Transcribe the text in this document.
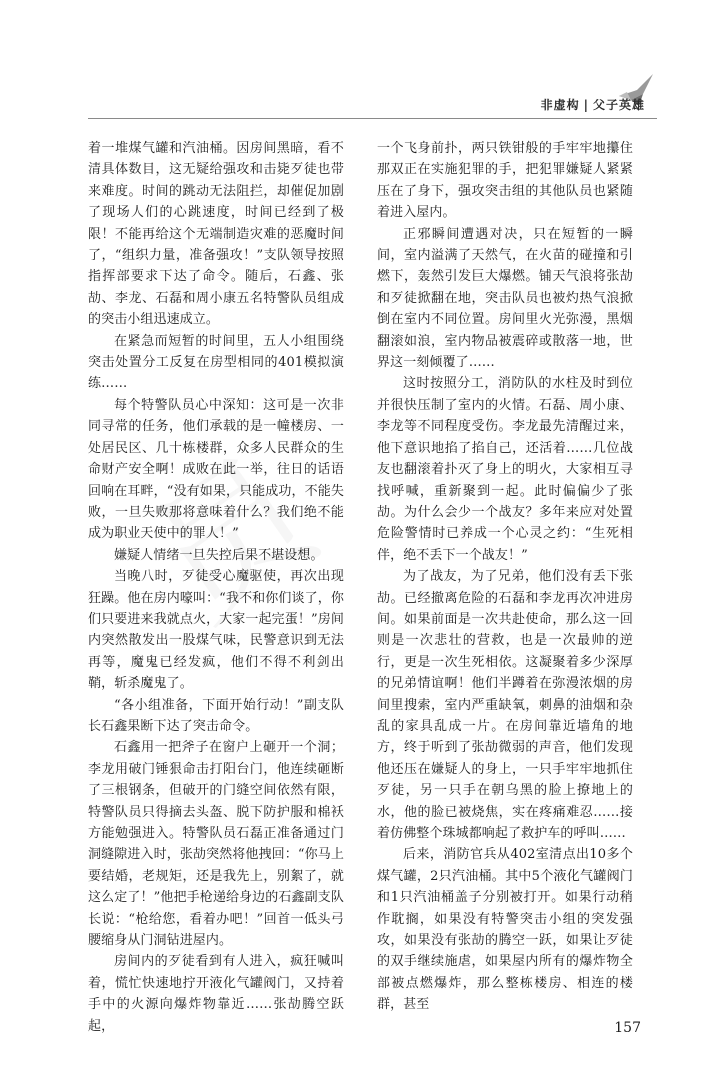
非虚构 | 父子英雄

着一堆煤气罐和汽油桶。因房间黑暗，看不清具体数目，这无疑给强攻和击毙歹徒也带来难度。时间的跳动无法阻拦，却催促加剧了现场人们的心跳速度，时间已经到了极限！不能再给这个无端制造灾难的恶魔时间了，“组织力量，准备强攻！”支队领导按照指挥部要求下达了命令。随后，石鑫、张劼、李龙、石磊和周小康五名特警队员组成的突击小组迅速成立。

在紧急而短暂的时间里，五人小组围绕突击处置分工反复在房型相同的401模拟演练……

每个特警队员心中深知：这可是一次非同寻常的任务，他们承载的是一幢楼房、一处居民区、几十栋楼群，众多人民群众的生命财产安全啊！成败在此一举，往日的话语回响在耳畔，“没有如果，只能成功，不能失败，一旦失败那将意味着什么？我们绝不能成为职业天使中的罪人！”

嫌疑人情绪一旦失控后果不堪设想。

当晚八时，歹徒受心魔驱使，再次出现狂躁。他在房内嚎叫：“我不和你们谈了，你们只要进来我就点火，大家一起完蛋！”房间内突然散发出一股煤气味，民警意识到无法再等，魔鬼已经发疯，他们不得不利剑出鞘，斩杀魔鬼了。

“各小组准备，下面开始行动！”副支队长石鑫果断下达了突击命令。

石鑫用一把斧子在窗户上砸开一个洞；李龙用破门锤狠命击打阳台门，他连续砸断了三根钢条，但破开的门缝空间依然有限，特警队员只得摘去头盔、脱下防护服和棉袄方能勉强进入。特警队员石磊正准备通过门洞缝隙进入时，张劼突然将他拽回：“你马上要结婚，老规矩，还是我先上，别絮了，就这么定了！”他把手枪递给身边的石鑫副支队长说：“枪给您，看着办吧！”回首一低头弓腰缩身从门洞钻进屋内。

房间内的歹徒看到有人进入，疯狂喊叫着，慌忙快速地拧开液化气罐阀门，又持着手中的火源向爆炸物靠近……张劼腾空跃起，

一个飞身前扑，两只铁钳般的手牢牢地攥住那双正在实施犯罪的手，把犯罪嫌疑人紧紧压在了身下，强攻突击组的其他队员也紧随着进入屋内。

正邪瞬间遭遇对决，只在短暂的一瞬间，室内溢满了天然气，在火苗的碰撞和引燃下，轰然引发巨大爆燃。铺天气浪将张劼和歹徒掀翻在地，突击队员也被灼热气浪掀倒在室内不同位置。房间里火光弥漫，黑烟翻滚如浪，室内物品被震碎或散落一地，世界这一刻倾覆了……

这时按照分工，消防队的水柱及时到位并很快压制了室内的火情。石磊、周小康、李龙等不同程度受伤。李龙最先清醒过来，他下意识地掐了掐自己，还活着……几位战友也翻滚着扑灭了身上的明火，大家相互寻找呼喊，重新聚到一起。此时偏偏少了张劼。为什么会少一个战友？多年来应对处置危险警情时已养成一个心灵之约：“生死相伴，绝不丢下一个战友！”

为了战友，为了兄弟，他们没有丢下张劼。已经撤离危险的石磊和李龙再次冲进房间。如果前面是一次共赴使命，那么这一回则是一次悲壮的营救，也是一次最帅的逆行，更是一次生死相依。这凝聚着多少深厚的兄弟情谊啊！他们半蹲着在弥漫浓烟的房间里搜索，室内严重缺氧，刺鼻的油烟和杂乱的家具乱成一片。在房间靠近墙角的地方，终于听到了张劼微弱的声音，他们发现他还压在嫌疑人的身上，一只手牢牢地抓住歹徒，另一只手在朝乌黑的脸上撩地上的水，他的脸已被烧焦，实在疼痛难忍……接着仿佛整个珠城都响起了救护车的呼叫……

后来，消防官兵从402室清点出10多个煤气罐，2只汽油桶。其中5个液化气罐阀门和1只汽油桶盖子分别被打开。如果行动稍作耽搁，如果没有特警突击小组的突发强攻，如果没有张劼的腾空一跃，如果让歹徒的双手继续施虐，如果屋内所有的爆炸物全部被点燃爆炸，那么整栋楼房、相连的楼群，甚至

157
